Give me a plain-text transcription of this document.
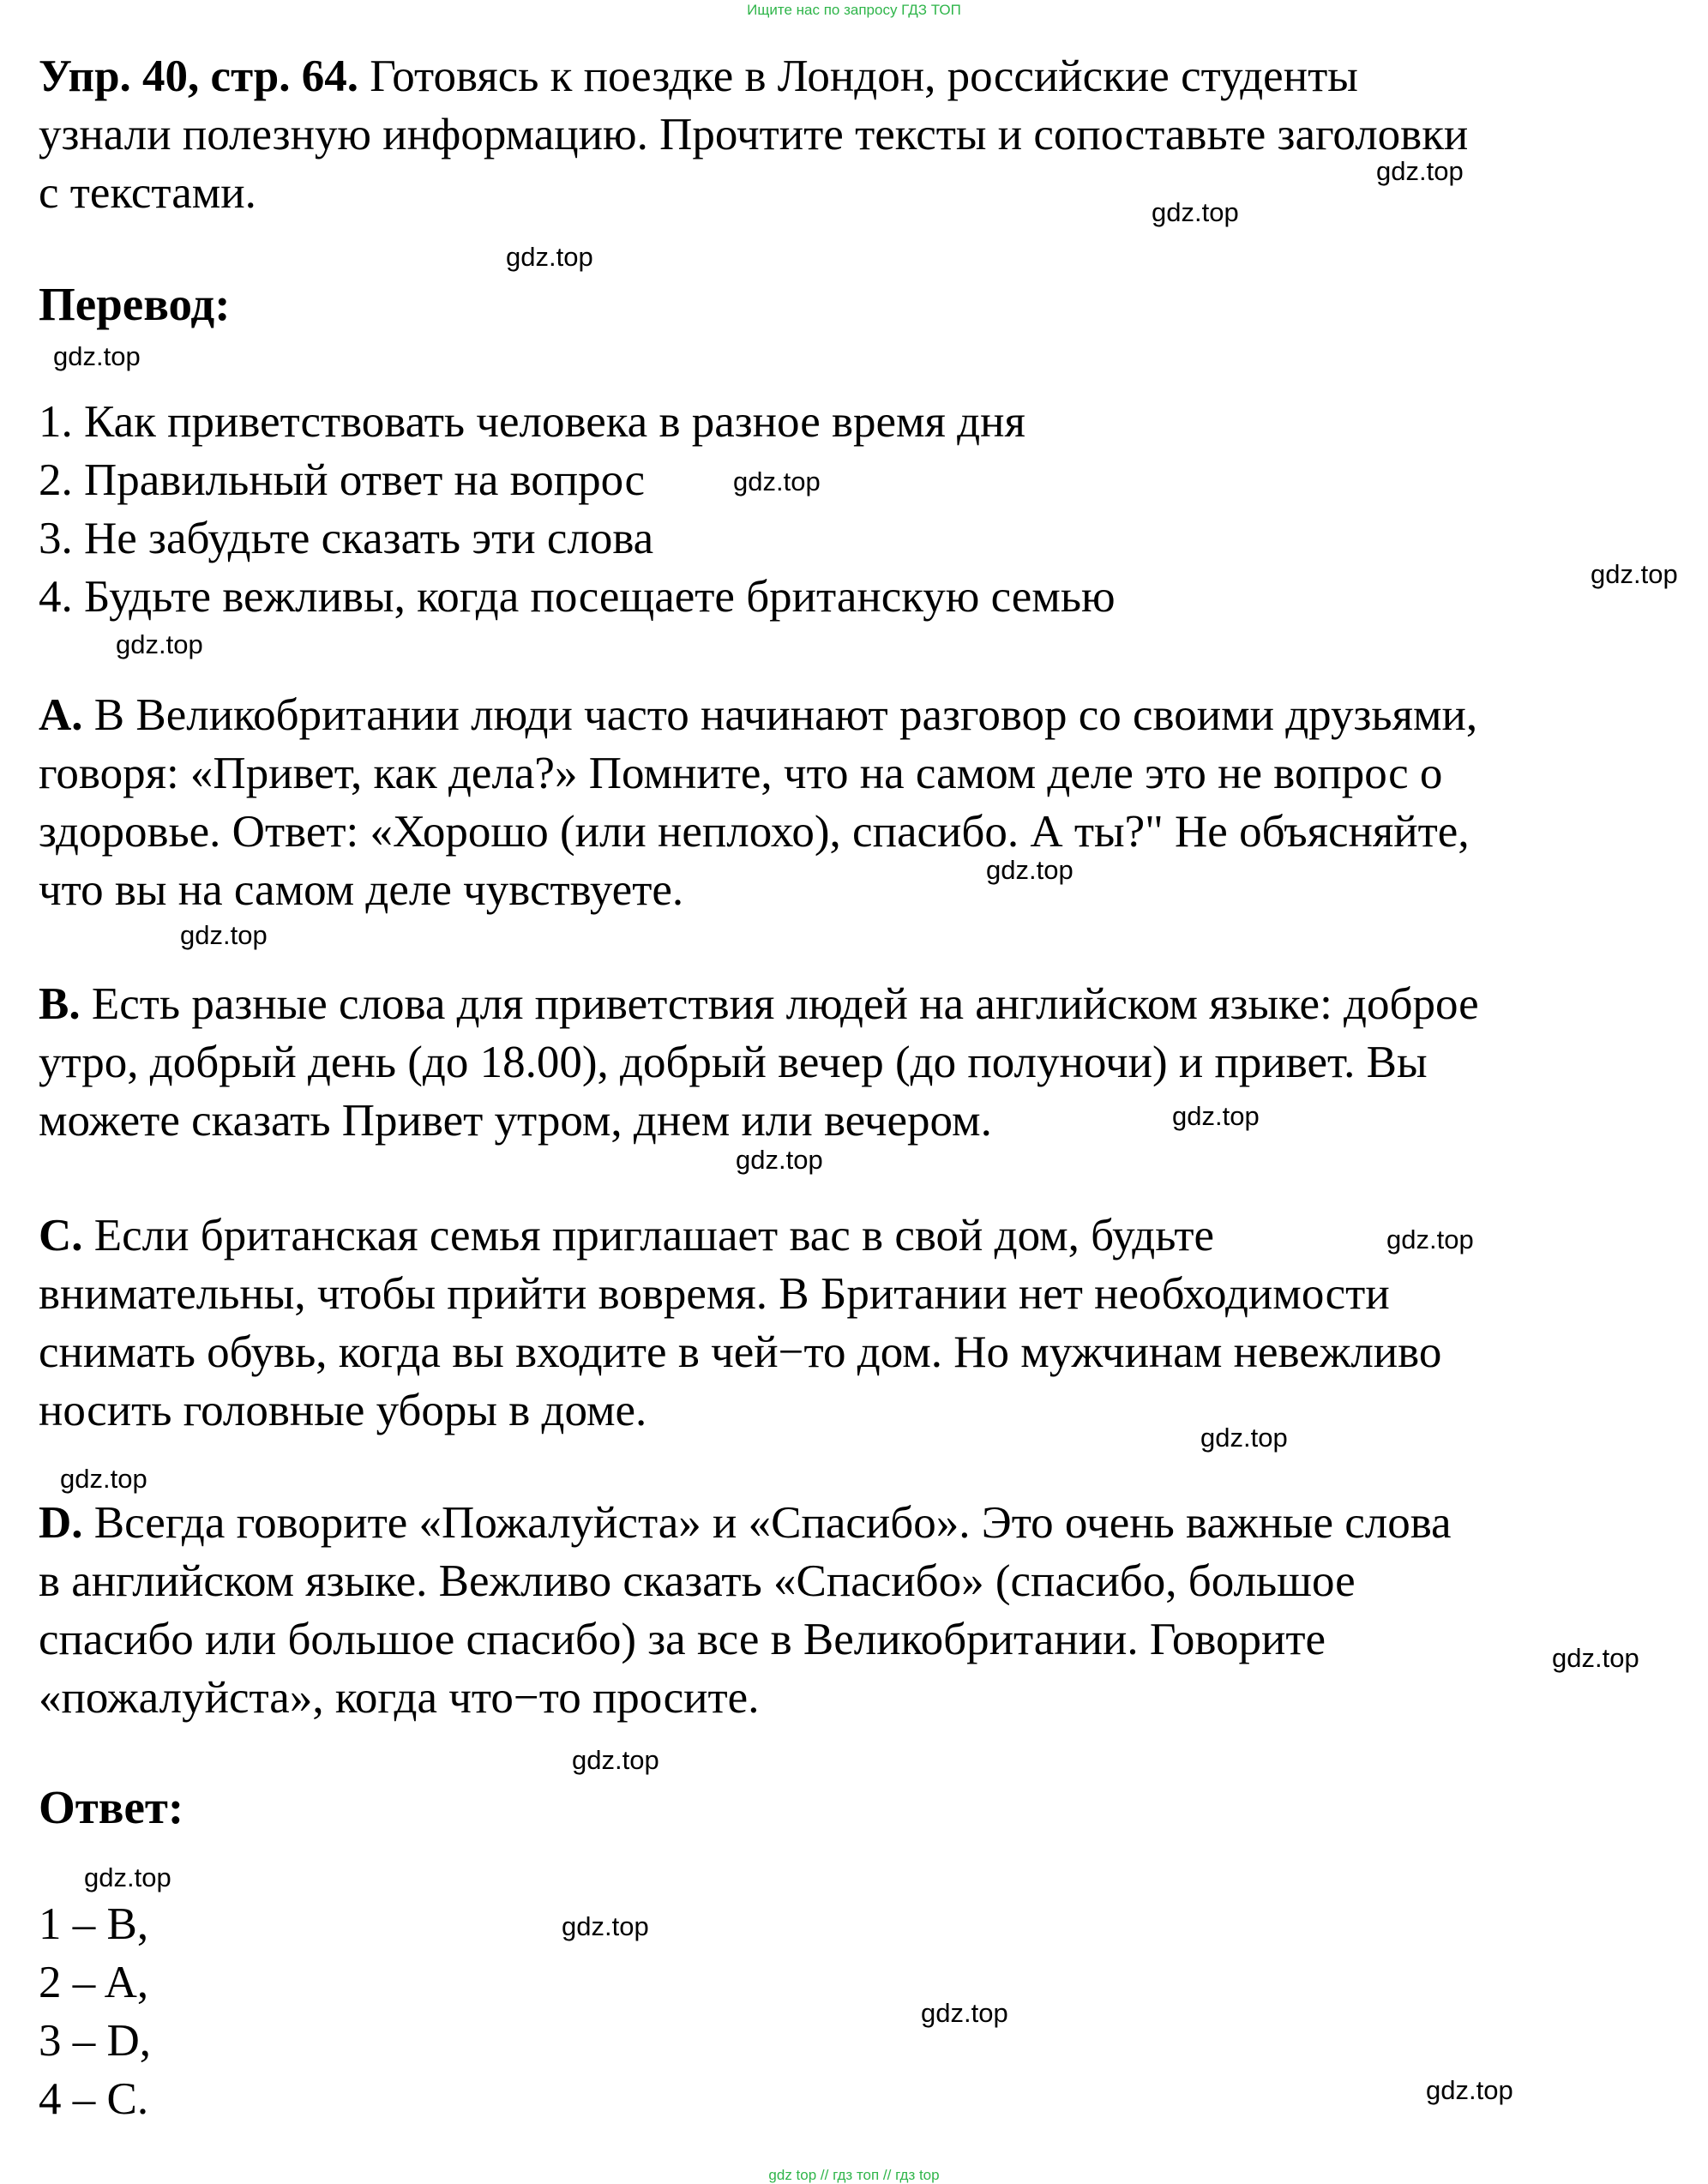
Ищите нас по запросу ГДЗ ТОП
Упр. 40, стр. 64. Готовясь к поездке в Лондон, российские студенты
узнали полезную информацию. Прочтите тексты и сопоставьте заголовки
с текстами.
Перевод:
1. Как приветствовать человека в разное время дня
2. Правильный ответ на вопрос
3. Не забудьте сказать эти слова
4. Будьте вежливы, когда посещаете британскую семью
A. В Великобритании люди часто начинают разговор со своими друзьями,
говоря: «Привет, как дела?» Помните, что на самом деле это не вопрос о
здоровье. Ответ: «Хорошо (или неплохо), спасибо. А ты?" Не объясняйте,
что вы на самом деле чувствуете.
B. Есть разные слова для приветствия людей на английском языке: доброе
утро, добрый день (до 18.00), добрый вечер (до полуночи) и привет. Вы
можете сказать Привет утром, днем или вечером.
C. Если британская семья приглашает вас в свой дом, будьте
внимательны, чтобы прийти вовремя. В Британии нет необходимости
снимать обувь, когда вы входите в чей−то дом. Но мужчинам невежливо
носить головные уборы в доме.
D. Всегда говорите «Пожалуйста» и «Спасибо». Это очень важные слова
в английском языке. Вежливо сказать «Спасибо» (спасибо, большое
спасибо или большое спасибо) за все в Великобритании. Говорите
«пожалуйста», когда что−то просите.
Ответ:
1 – B,
2 – A,
3 – D,
4 – C.
gdz.top
gdz.top
gdz.top
gdz.top
gdz.top
gdz.top
gdz.top
gdz.top
gdz.top
gdz.top
gdz.top
gdz.top
gdz.top
gdz.top
gdz.top
gdz.top
gdz.top
gdz.top
gdz.top
gdz.top
gdz top // гдз топ // гдз top
